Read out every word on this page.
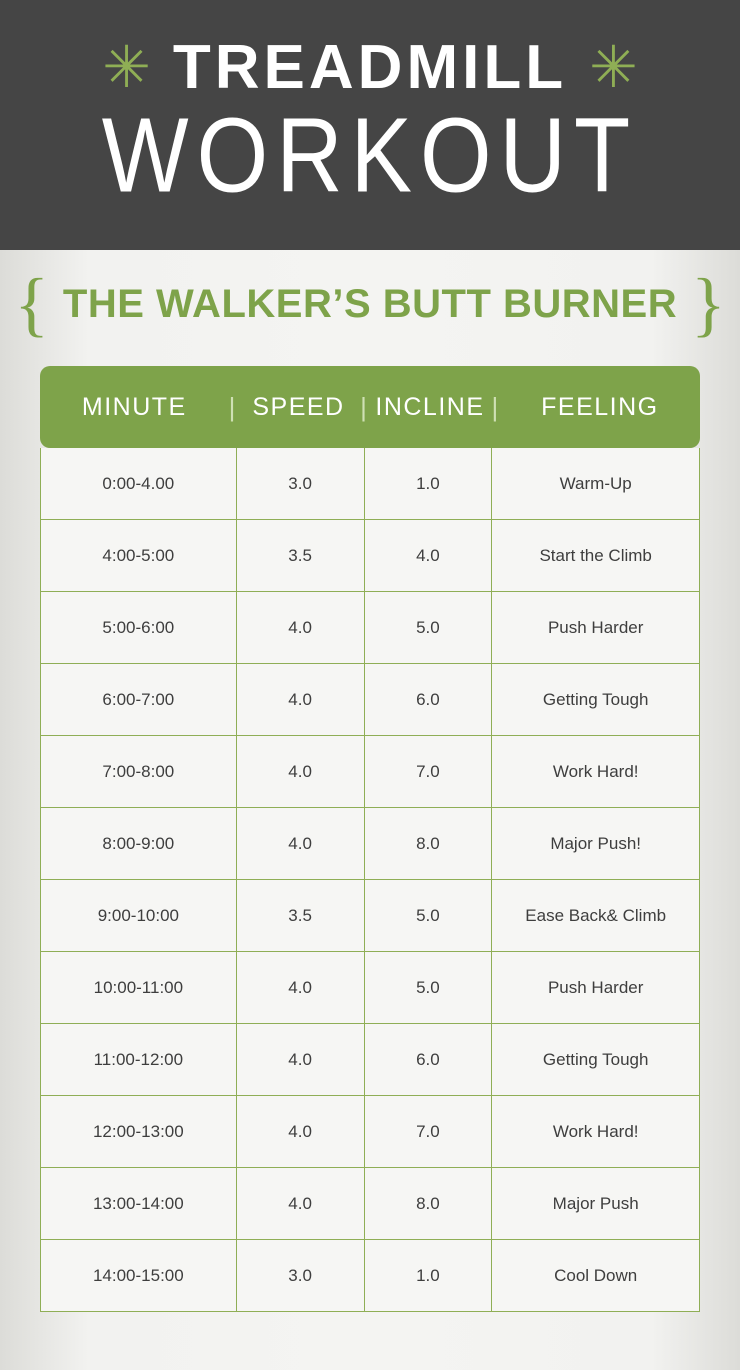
✳ TREADMILL ✳
WORKOUT
{ THE WALKER’S BUTT BURNER }
MINUTE	| SPEED | INCLINE |	FEELING
0:00-4.00	3.0	1.0	Warm-Up
4:00-5:00	3.5	4.0	Start the Climb
5:00-6:00	4.0	5.0	Push Harder
6:00-7:00	4.0	6.0	Getting Tough
7:00-8:00	4.0	7.0	Work Hard!
8:00-9:00	4.0	8.0	Major Push!
9:00-10:00	3.5	5.0	Ease Back & Climb
10:00-11:00	4.0	5.0	Push Harder
11:00-12:00	4.0	6.0	Getting Tough
12:00-13:00	4.0	7.0	Work Hard!
13:00-14:00	4.0	8.0	Major Push
14:00-15:00	3.0	1.0	Cool Down
